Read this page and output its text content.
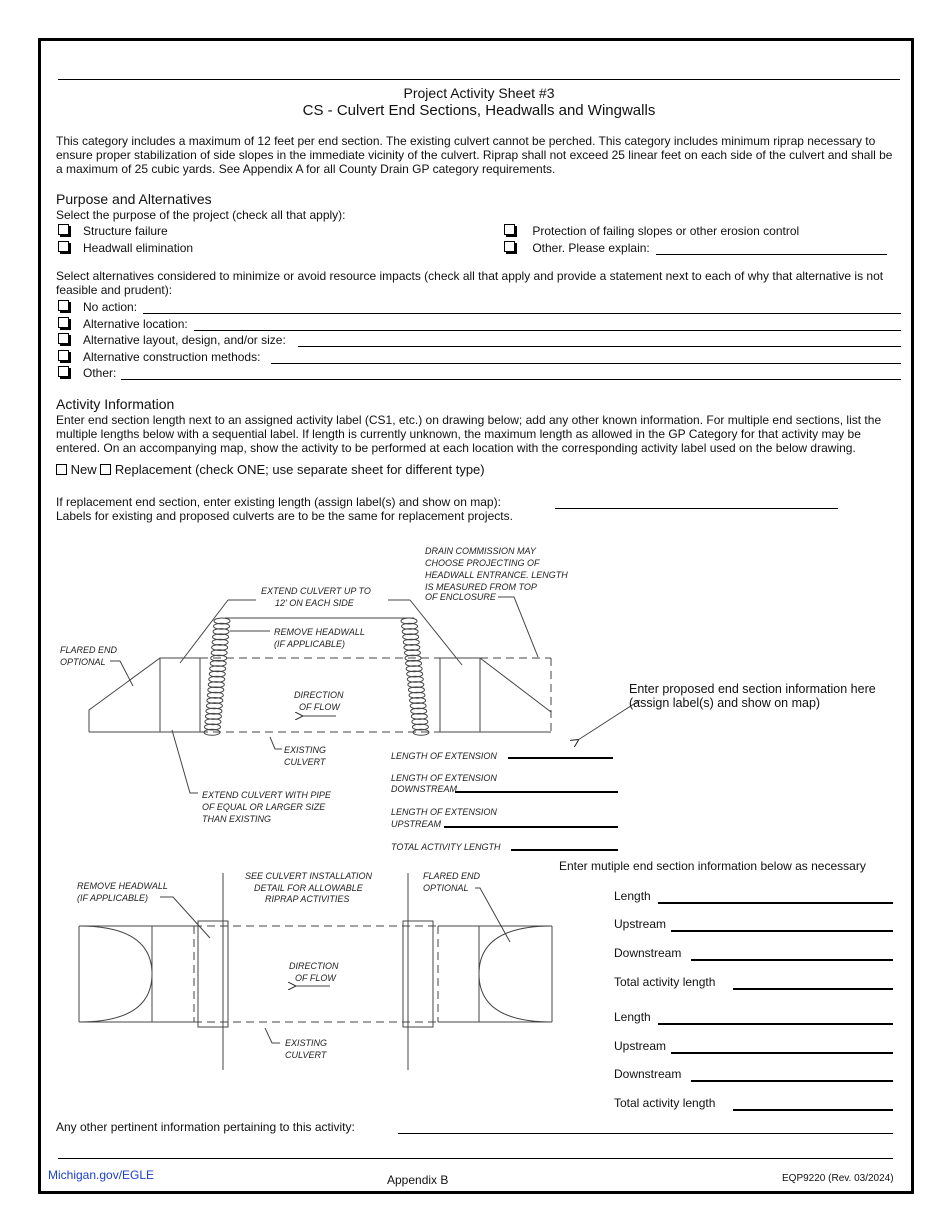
Project Activity Sheet #3
CS - Culvert End Sections, Headwalls and Wingwalls
This category includes a maximum of 12 feet per end section. The existing culvert cannot be perched. This category includes minimum riprap necessary to ensure proper stabilization of side slopes in the immediate vicinity of the culvert. Riprap shall not exceed 25 linear feet on each side of the culvert and shall be a maximum of 25 cubic yards. See Appendix A for all County Drain GP category requirements.
Purpose and Alternatives
Select the purpose of the project (check all that apply):
Structure failure
Headwall elimination
Protection of failing slopes or other erosion control
Other. Please explain:
Select alternatives considered to minimize or avoid resource impacts (check all that apply and provide a statement next to each of why that alternative is not feasible and prudent):
No action:
Alternative location:
Alternative layout, design, and/or size:
Alternative construction methods:
Other:
Activity Information
Enter end section length next to an assigned activity label (CS1, etc.) on drawing below; add any other known information. For multiple end sections, list the multiple lengths below with a sequential label. If length is currently unknown, the maximum length as allowed in the GP Category for that activity may be entered. On an accompanying map, show the activity to be performed at each location with the corresponding activity label used on the below drawing.
New Replacement (check ONE; use separate sheet for different type)
If replacement end section, enter existing length (assign label(s) and show on map):
Labels for existing and proposed culverts are to be the same for replacement projects.
DRAIN COMMISSION MAY
CHOOSE PROJECTING OF
HEADWALL ENTRANCE. LENGTH
IS MEASURED FROM TOP
OF ENCLOSURE
EXTEND CULVERT UP TO
12' ON EACH SIDE
REMOVE HEADWALL
(IF APPLICABLE)
FLARED END
OPTIONAL
DIRECTION
OF FLOW
EXISTING
CULVERT
EXTEND CULVERT WITH PIPE
OF EQUAL OR LARGER SIZE
THAN EXISTING
LENGTH OF EXTENSION
LENGTH OF EXTENSION
DOWNSTREAM
LENGTH OF EXTENSION
UPSTREAM
TOTAL ACTIVITY LENGTH
REMOVE HEADWALL
(IF APPLICABLE)
SEE CULVERT INSTALLATION
DETAIL FOR ALLOWABLE
RIPRAP ACTIVITIES
FLARED END
OPTIONAL
DIRECTION
OF FLOW
EXISTING
CULVERT
Enter proposed end section information here
(assign label(s) and show on map)
Enter mutiple end section information below as necessary
Length
Upstream
Downstream
Total activity length
Length
Upstream
Downstream
Total activity length
Any other pertinent information pertaining to this activity:
Michigan.gov/EGLE	Appendix B	EQP9220 (Rev. 03/2024)
